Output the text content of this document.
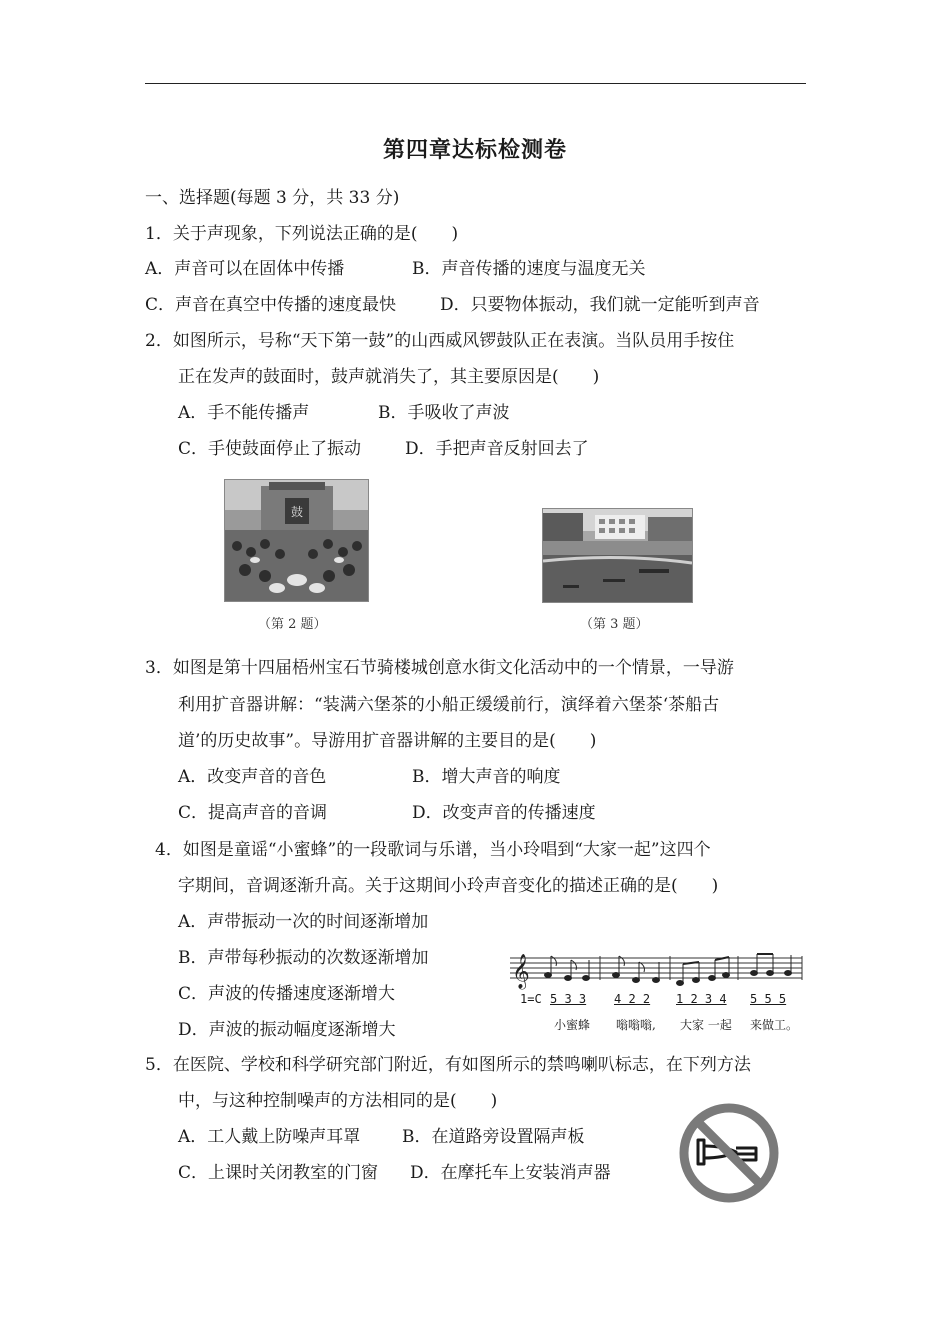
第四章达标检测卷
一、选择题(每题 3 分，共 33 分)
1．关于声现象，下列说法正确的是(　　)
A．声音可以在固体中传播	B．声音传播的速度与温度无关
C．声音在真空中传播的速度最快	D．只要物体振动，我们就一定能听到声音
2．如图所示，号称“天下第一鼓”的山西威风锣鼓队正在表演。当队员用手按住
正在发声的鼓面时，鼓声就消失了，其主要原因是(　　)
A．手不能传播声	B．手吸收了声波
C．手使鼓面停止了振动	D．手把声音反射回去了
鼓
（第 2 题）	（第 3 题）
3．如图是第十四届梧州宝石节骑楼城创意水街文化活动中的一个情景，一导游
利用扩音器讲解：“装满六堡茶的小船正缓缓前行，演绎着六堡茶‘茶船古
道’的历史故事”。导游用扩音器讲解的主要目的是(　　)
A．改变声音的音色	B．增大声音的响度
C．提高声音的音调	D．改变声音的传播速度
4．如图是童谣“小蜜蜂”的一段歌词与乐谱，当小玲唱到“大家一起”这四个
字期间，音调逐渐升高。关于这期间小玲声音变化的描述正确的是(　　)
A．声带振动一次的时间逐渐增加
B．声带每秒振动的次数逐渐增加
C．声波的传播速度逐渐增大
D．声波的振动幅度逐渐增大
𝄞
1=C 5 3 3 4 2 2 1 2 3 4 5 5 5
小蜜蜂 嗡嗡嗡, 大家 一起 来做工。
5．在医院、学校和科学研究部门附近，有如图所示的禁鸣喇叭标志，在下列方法
中，与这种控制噪声的方法相同的是(　　)
A．工人戴上防噪声耳罩 B．在道路旁设置隔声板
C．上课时关闭教室的门窗 D．在摩托车上安装消声器
